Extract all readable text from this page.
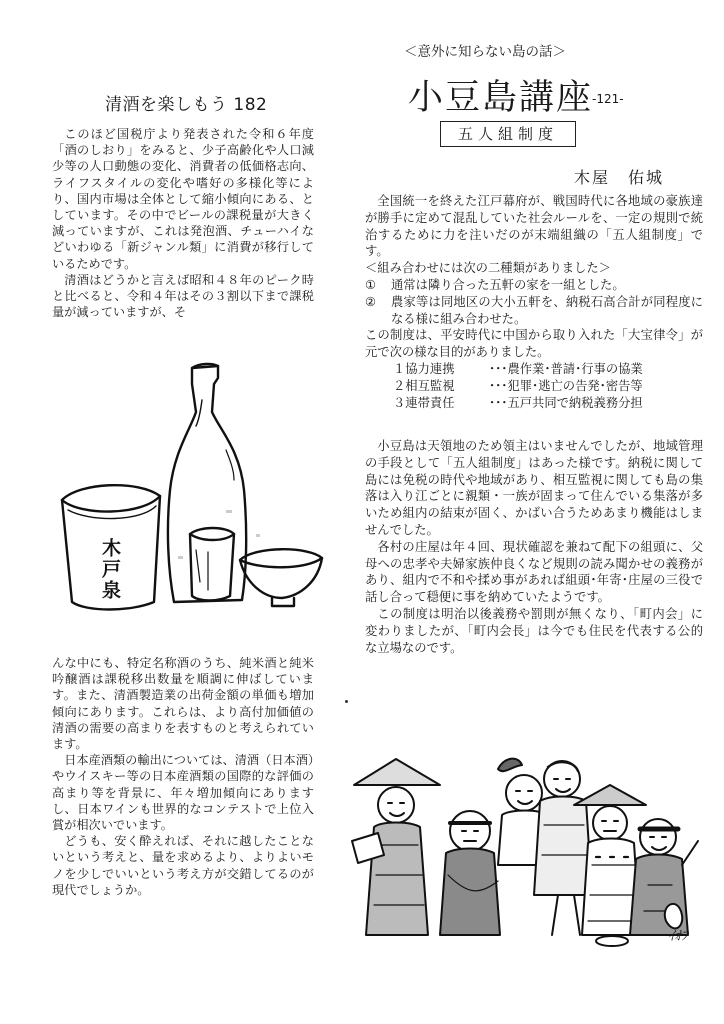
清酒を楽しもう 182

このほど国税庁より発表された令和６年度「酒のしおり」をみると、少子高齢化や人口減少等の人口動態の変化、消費者の低価格志向、ライフスタイルの変化や嗜好の多様化等により、国内市場は全体として縮小傾向にある、としています。その中でビールの課税量が大きく減っていますが、これは発泡酒、チューハイなどいわゆる「新ジャンル類」に消費が移行しているためです。

清酒はどうかと言えば昭和４８年のピーク時と比べると、令和４年はその３割以下まで課税量が減っていますが、そ

木戸泉

んな中にも、特定名称酒のうち、純米酒と純米吟醸酒は課税移出数量を順調に伸ばしています。また、清酒製造業の出荷金額の単価も増加傾向にあります。これらは、より高付加価値の清酒の需要の高まりを表すものと考えられています。

日本産酒類の輸出については、清酒（日本酒）やウイスキー等の日本産酒類の国際的な評価の高まり等を背景に、年々増加傾向にありますし、日本ワインも世界的なコンテストで上位入賞が相次いでいます。

どうも、安く酔えれば、それに越したことないという考えと、量を求めるより、よりよいモノを少しでいいという考え方が交錯してるのが現代でしょうか。

＜意外に知らない島の話＞
小豆島講座
-121-
五人組制度
木屋　佑城

全国統一を終えた江戸幕府が、戦国時代に各地域の豪族達が勝手に定めて混乱していた社会ルールを、一定の規則で統治するために力を注いだのが末端組織の「五人組制度」です。

＜組み合わせには次の二種類がありました＞

①	通常は隣り合った五軒の家を一組とした。
②	農家等は同地区の大小五軒を、納税石高合計が同程度になる様に組み合わせた。

この制度は、平安時代に中国から取り入れた「大宝律令」が元で次の様な目的がありました。

１協力連携	･･･農作業･普請･行事の協業
２相互監視	･･･犯罪･逃亡の告発･密告等
３連帯責任	･･･五戸共同で納税義務分担

小豆島は天領地のため領主はいませんでしたが、地域管理の手段として「五人組制度」はあった様です。納税に関して島には免税の時代や地域があり、相互監視に関しても島の集落は入り江ごとに親類・一族が固まって住んでいる集落が多いため組内の結束が固く、かばい合うためあまり機能はしませんでした。

各村の庄屋は年４回、現状確認を兼ねて配下の組頭に、父母への忠孝や夫婦家族仲良くなど規則の読み聞かせの義務があり、組内で不和や揉め事があれば組頭･年寄･庄屋の三役で話し合って穏便に事を納めていたようです。

この制度は明治以後義務や罰則が無くなり、「町内会」に変わりましたが、「町内会長」は今でも住民を代表する公的な立場なのです。

ｲｵｦ
